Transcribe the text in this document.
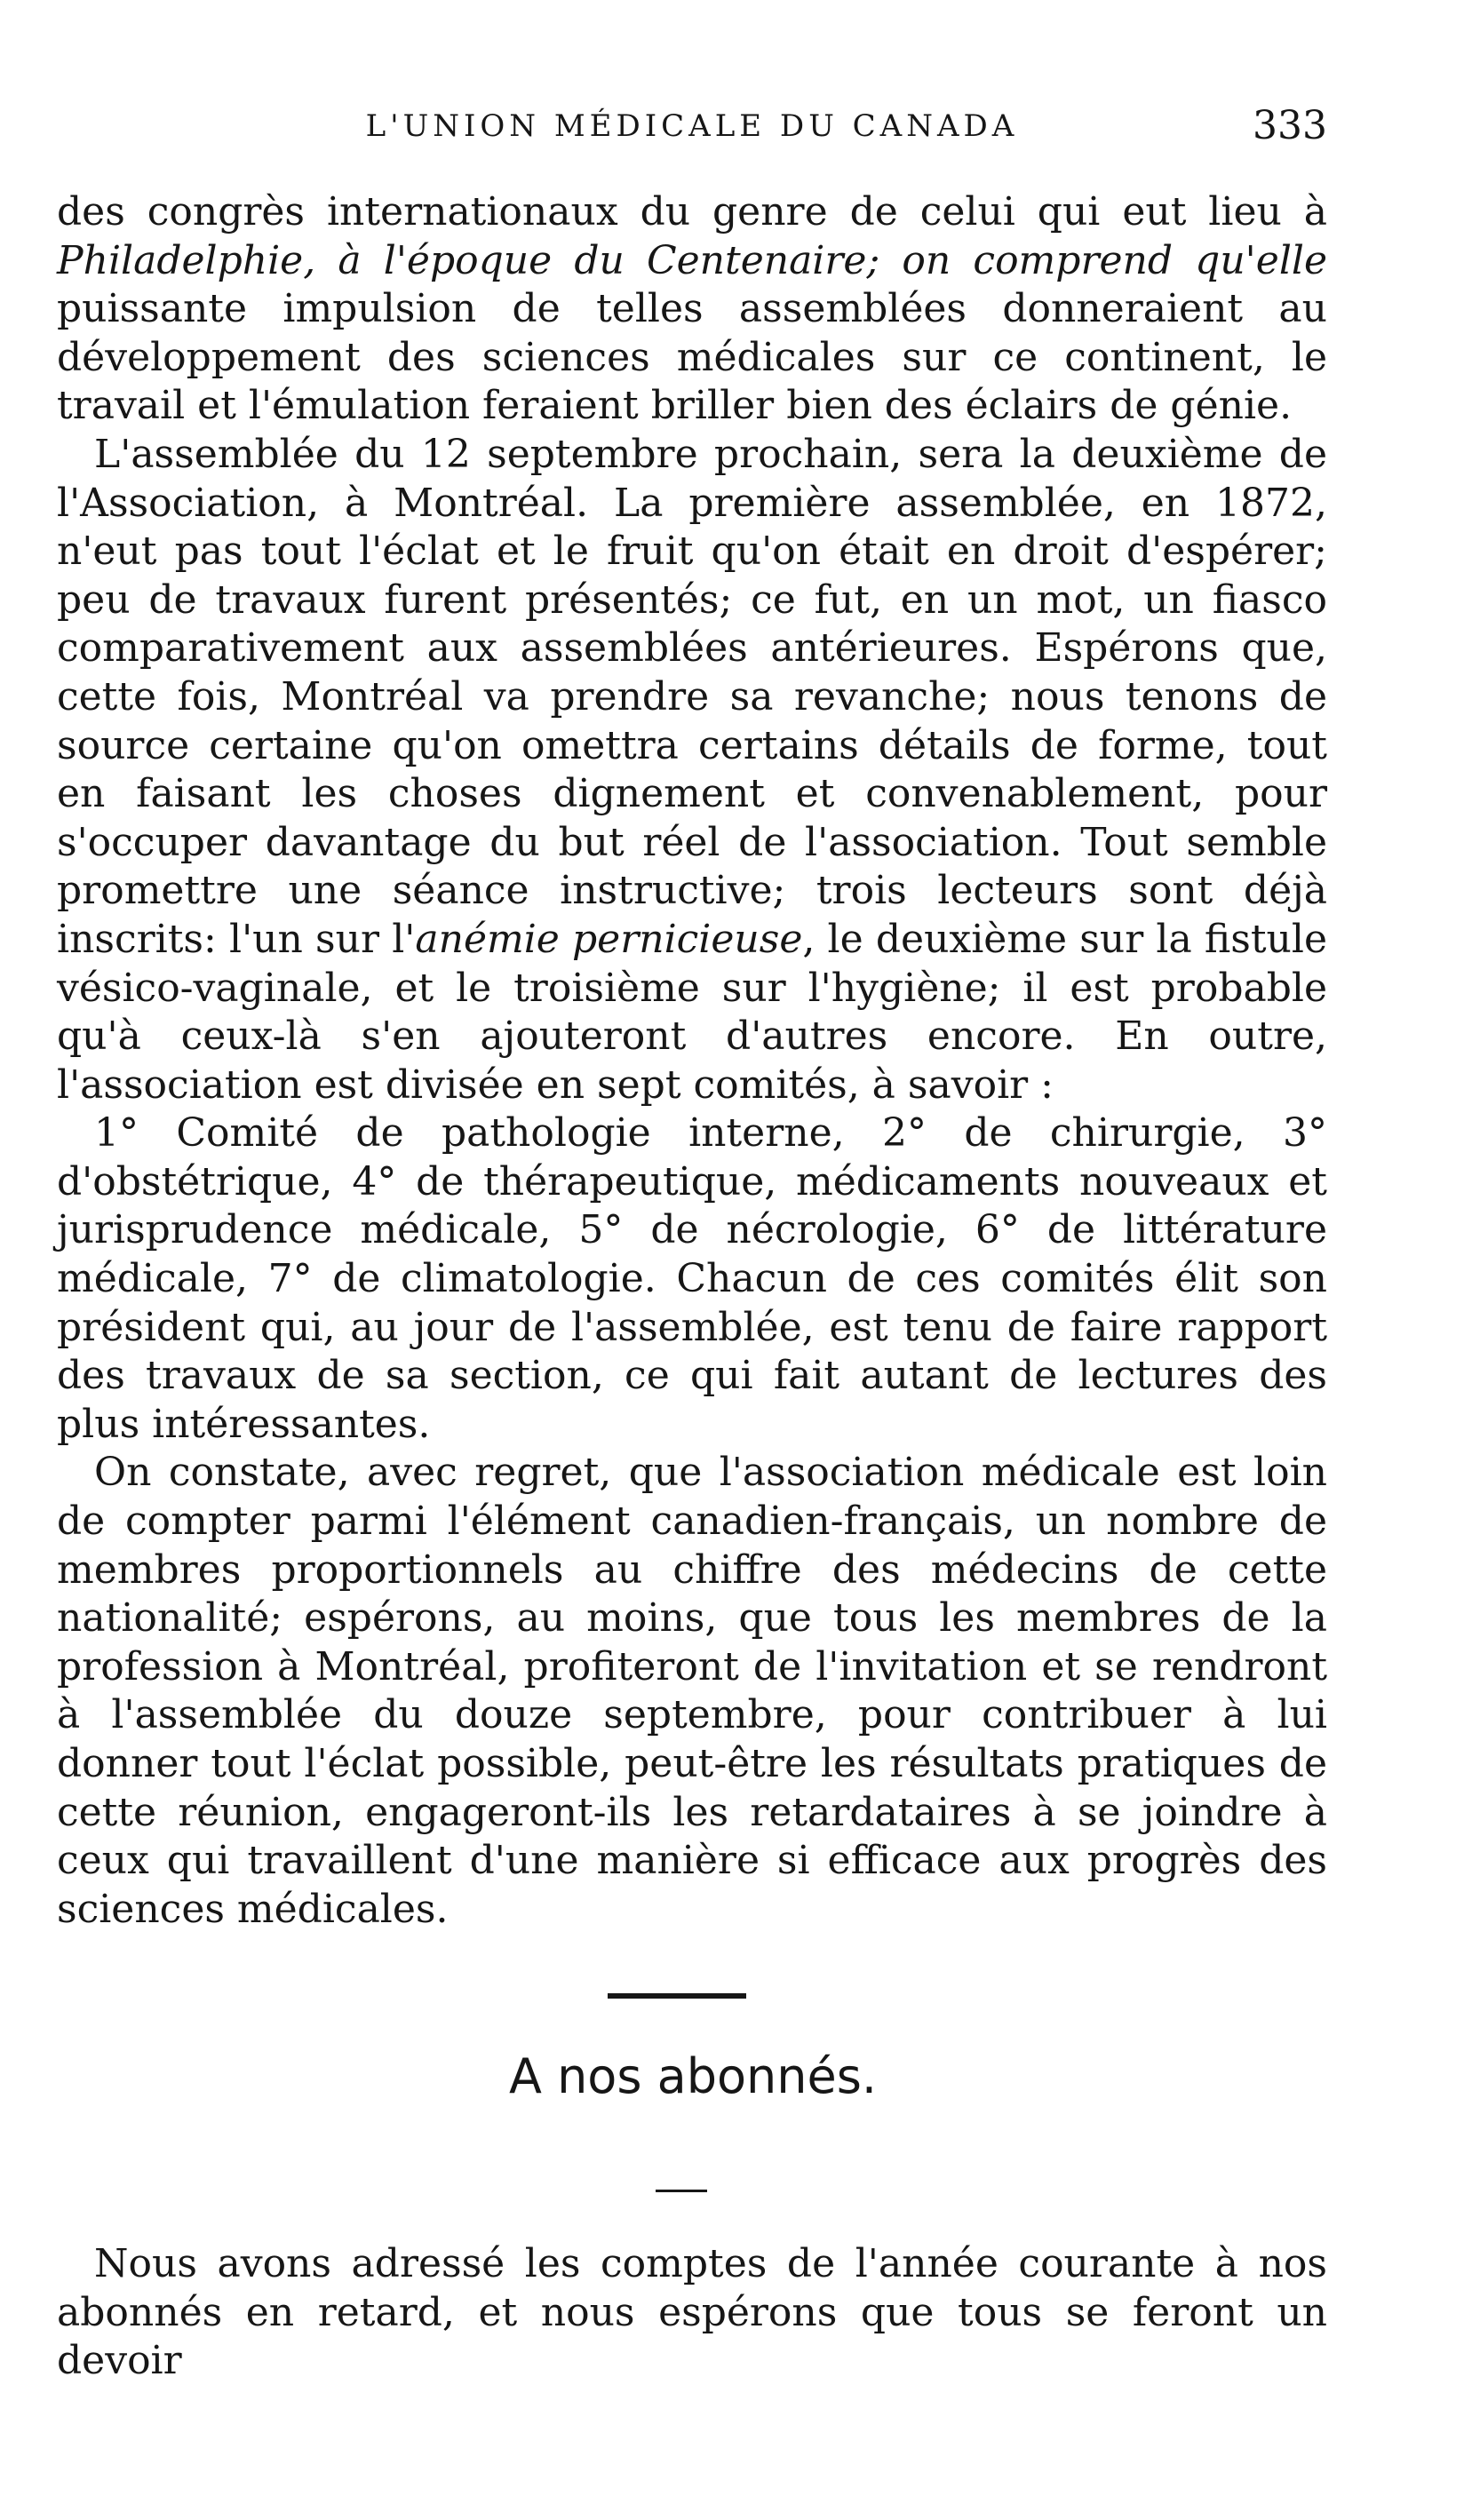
L'UNION MÉDICALE DU CANADA	333

des congrès internationaux du genre de celui qui eut lieu à Philadelphie, à l'époque du Centenaire; on comprend qu'elle puissante impulsion de telles assemblées donneraient au développement des sciences médicales sur ce continent, le travail et l'émulation feraient briller bien des éclairs de génie.

L'assemblée du 12 septembre prochain, sera la deuxième de l'Association, à Montréal. La première assemblée, en 1872, n'eut pas tout l'éclat et le fruit qu'on était en droit d'espérer; peu de travaux furent présentés; ce fut, en un mot, un fiasco comparativement aux assemblées antérieures. Espérons que, cette fois, Montréal va prendre sa revanche; nous tenons de source certaine qu'on omettra certains détails de forme, tout en faisant les choses dignement et convenablement, pour s'occuper davantage du but réel de l'association. Tout semble promettre une séance instructive; trois lecteurs sont déjà inscrits: l'un sur l'anémie pernicieuse, le deuxième sur la fistule vésico-vaginale, et le troisième sur l'hygiène; il est probable qu'à ceux-là s'en ajouteront d'autres encore. En outre, l'association est divisée en sept comités, à savoir :

1° Comité de pathologie interne, 2° de chirurgie, 3° d'obstétrique, 4° de thérapeutique, médicaments nouveaux et jurisprudence médicale, 5° de nécrologie, 6° de littérature médicale, 7° de climatologie. Chacun de ces comités élit son président qui, au jour de l'assemblée, est tenu de faire rapport des travaux de sa section, ce qui fait autant de lectures des plus intéressantes.

On constate, avec regret, que l'association médicale est loin de compter parmi l'élément canadien-français, un nombre de membres proportionnels au chiffre des médecins de cette nationalité; espérons, au moins, que tous les membres de la profession à Montréal, profiteront de l'invitation et se rendront à l'assemblée du douze septembre, pour contribuer à lui donner tout l'éclat possible, peut-être les résultats pratiques de cette réunion, engageront-ils les retardataires à se joindre à ceux qui travaillent d'une manière si efficace aux progrès des sciences médicales.

A nos abonnés.

Nous avons adressé les comptes de l'année courante à nos abonnés en retard, et nous espérons que tous se feront un devoir
